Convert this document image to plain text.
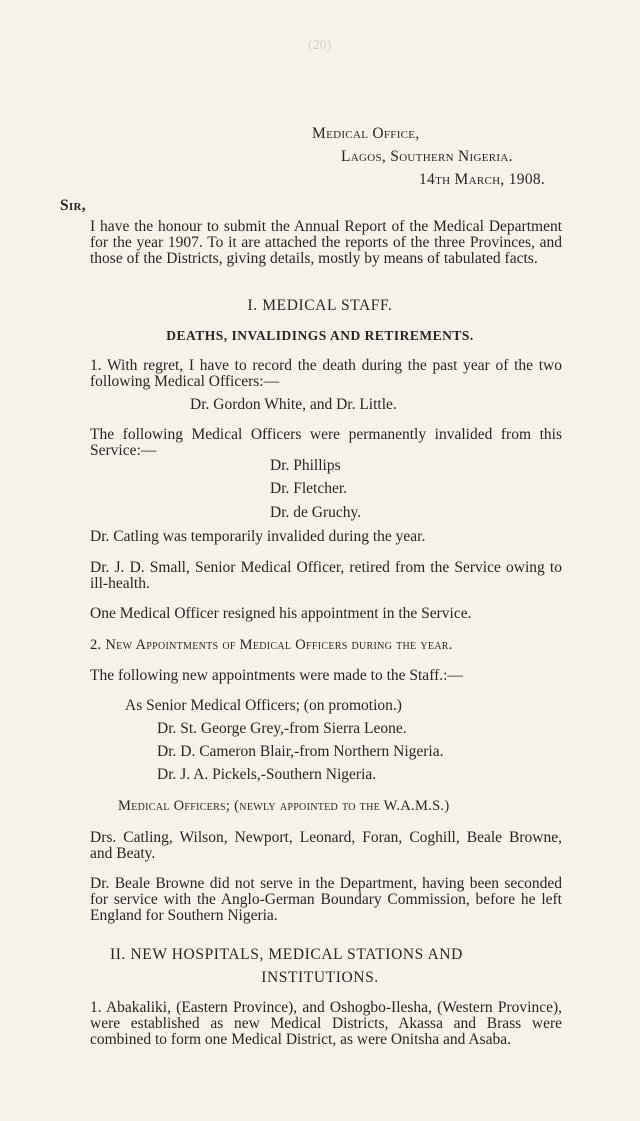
(20)
Medical Office,
Lagos, Southern Nigeria.
14th March, 1908.
Sir,
I have the honour to submit the Annual Report of the Medical Department for the year 1907. To it are attached the reports of the three Provinces, and those of the Districts, giving details, mostly by means of tabulated facts.
I. MEDICAL STAFF.
DEATHS, INVALIDINGS AND RETIREMENTS.
1. With regret, I have to record the death during the past year of the two following Medical Officers:—
Dr. Gordon White, and Dr. Little.
The following Medical Officers were permanently invalided from this Service:—
Dr. Phillips
Dr. Fletcher.
Dr. de Gruchy.
Dr. Catling was temporarily invalided during the year.
Dr. J. D. Small, Senior Medical Officer, retired from the Service owing to ill-health.
One Medical Officer resigned his appointment in the Service.
2. New Appointments of Medical Officers during the year.
The following new appointments were made to the Staff.:—
As Senior Medical Officers; (on promotion.)
Dr. St. George Grey,-from Sierra Leone.
Dr. D. Cameron Blair,-from Northern Nigeria.
Dr. J. A. Pickels,-Southern Nigeria.
Medical Officers; (newly appointed to the W.A.M.S.)
Drs. Catling, Wilson, Newport, Leonard, Foran, Coghill, Beale Browne, and Beaty.
Dr. Beale Browne did not serve in the Department, having been seconded for service with the Anglo-German Boundary Commission, before he left England for Southern Nigeria.
II. NEW HOSPITALS, MEDICAL STATIONS AND
INSTITUTIONS.
1. Abakaliki, (Eastern Province), and Oshogbo-Ilesha, (Western Province), were established as new Medical Districts, Akassa and Brass were combined to form one Medical District, as were Onitsha and Asaba.
